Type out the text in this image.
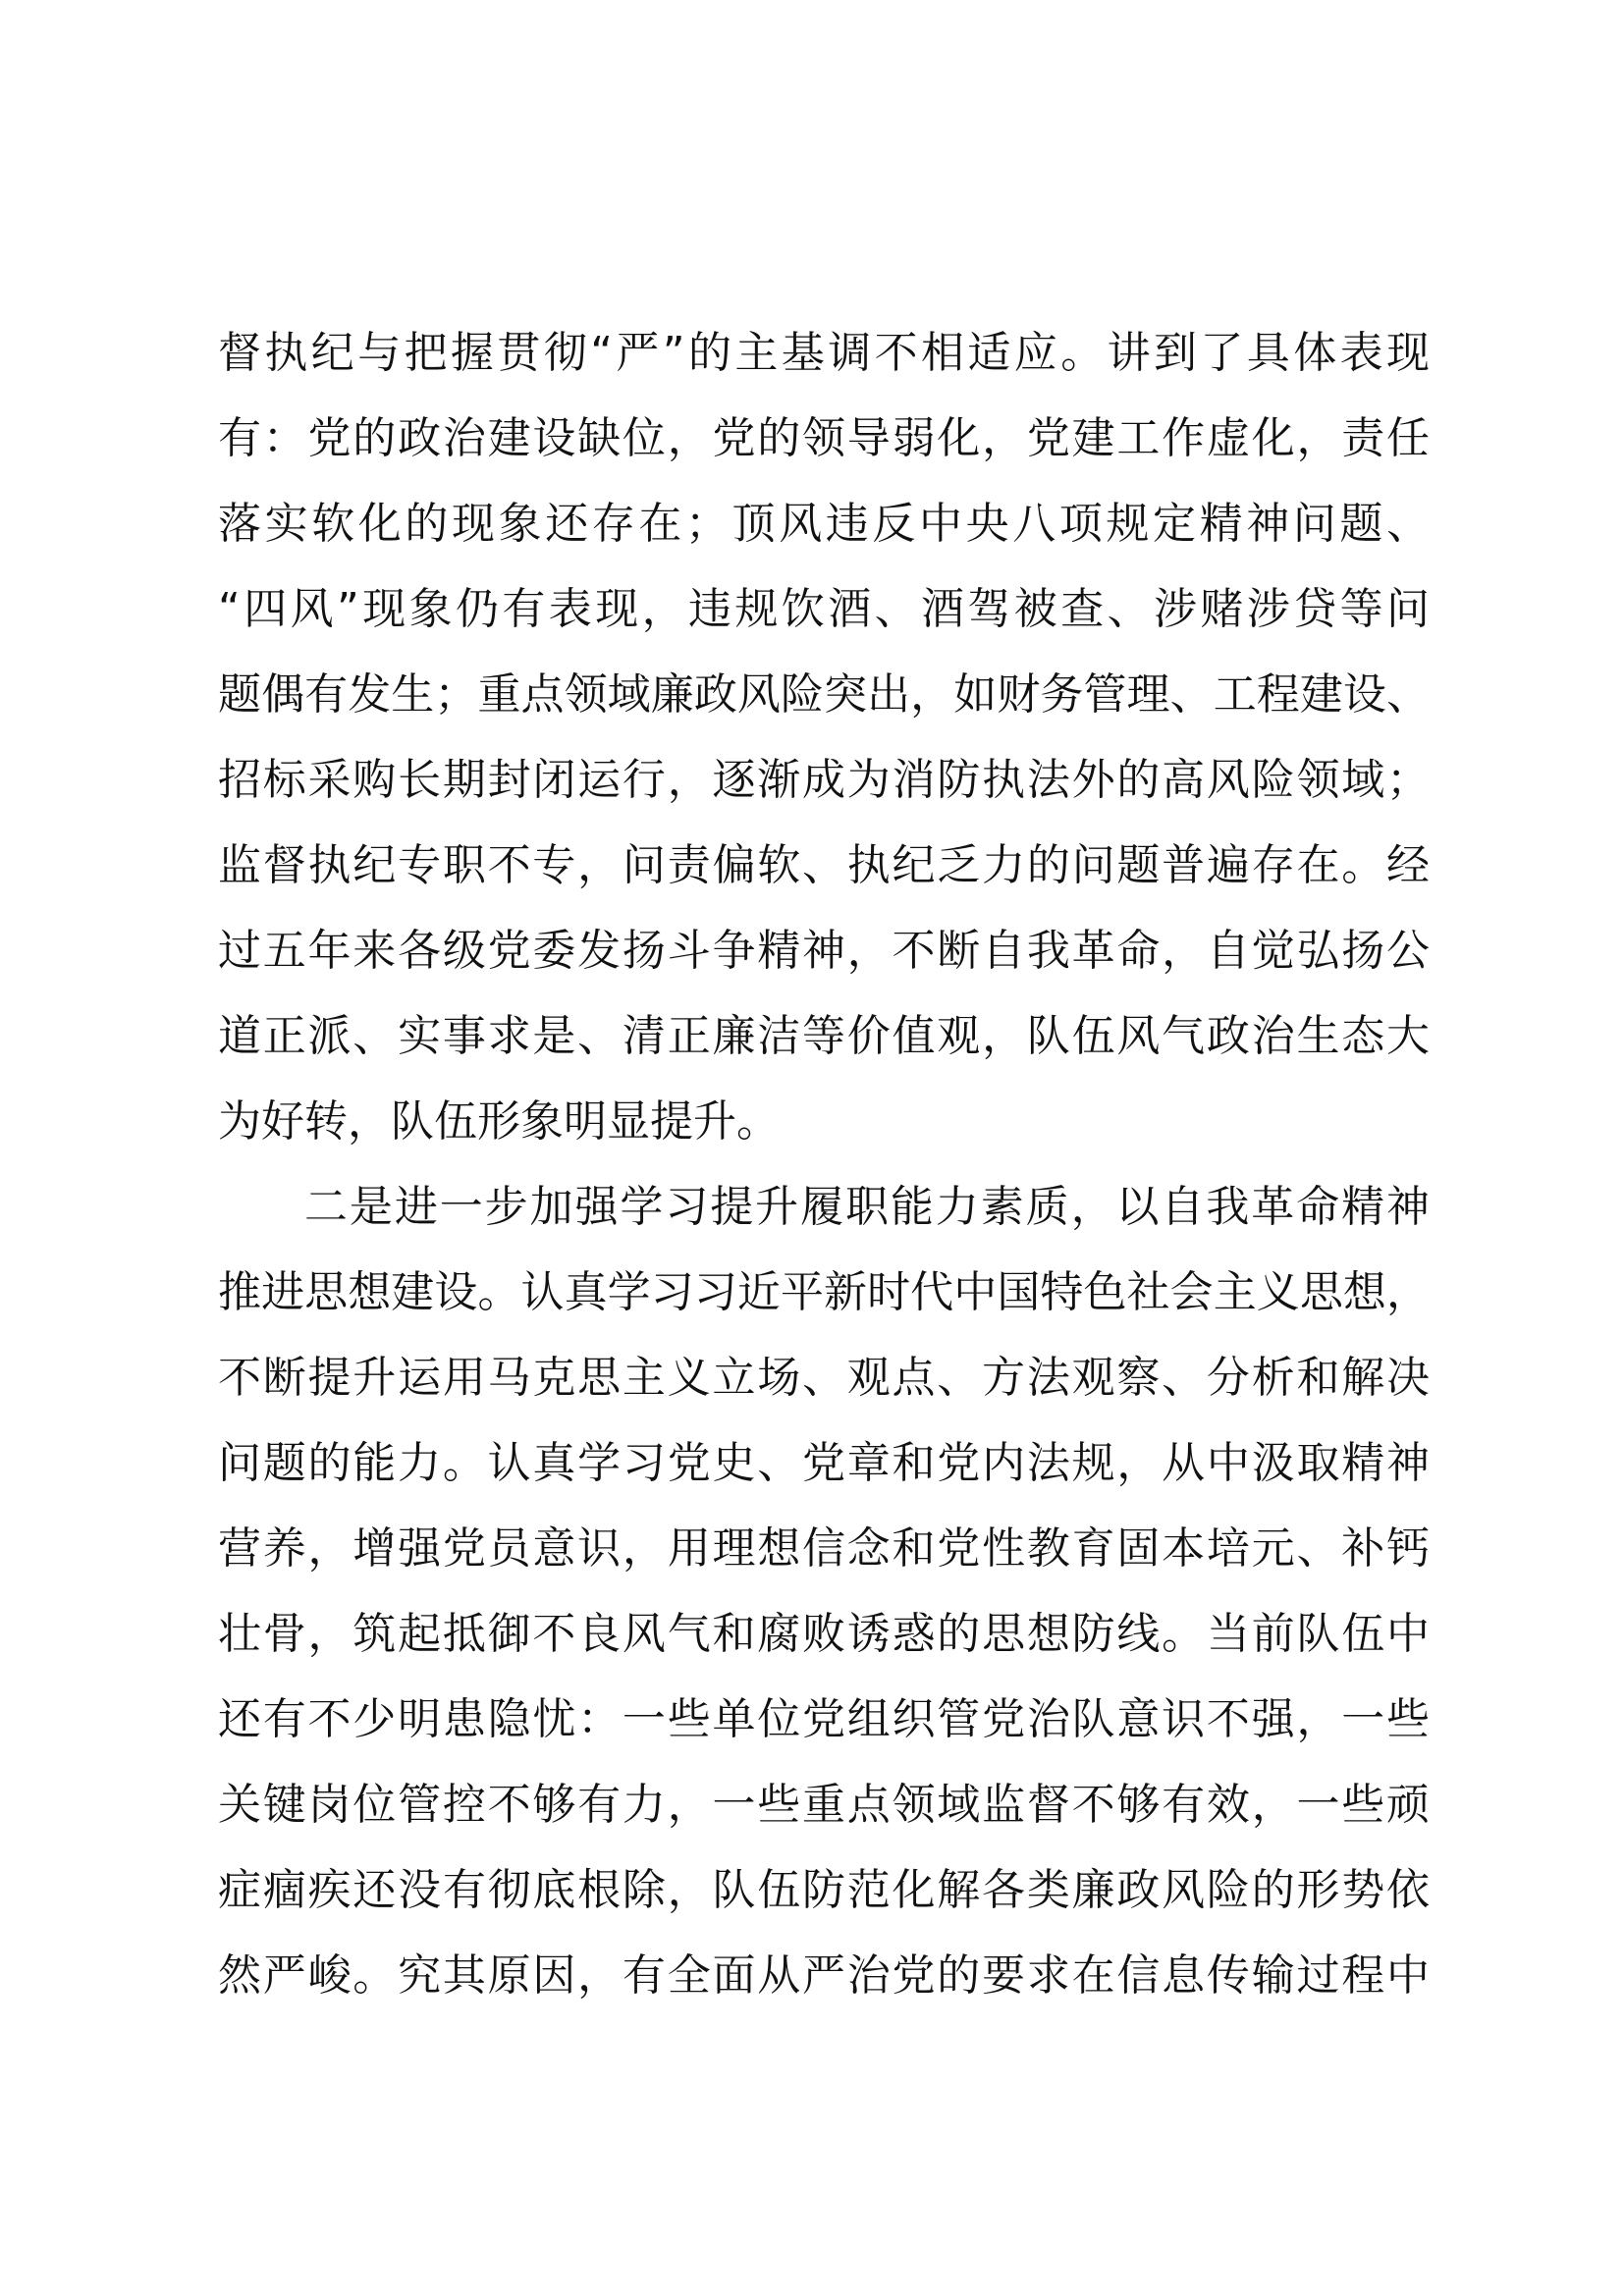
督执纪与把握贯彻“严”的主基调不相适应。讲到了具体表现
有：党的政治建设缺位，党的领导弱化，党建工作虚化，责任
落实软化的现象还存在；顶风违反中央八项规定精神问题、
“四风”现象仍有表现，违规饮酒、酒驾被查、涉赌涉贷等问
题偶有发生；重点领域廉政风险突出，如财务管理、工程建设、
招标采购长期封闭运行，逐渐成为消防执法外的高风险领域；
监督执纪专职不专，问责偏软、执纪乏力的问题普遍存在。经
过五年来各级党委发扬斗争精神，不断自我革命，自觉弘扬公
道正派、实事求是、清正廉洁等价值观，队伍风气政治生态大
为好转，队伍形象明显提升。
二是进一步加强学习提升履职能力素质，以自我革命精神
推进思想建设。认真学习习近平新时代中国特色社会主义思想，
不断提升运用马克思主义立场、观点、方法观察、分析和解决
问题的能力。认真学习党史、党章和党内法规，从中汲取精神
营养，增强党员意识，用理想信念和党性教育固本培元、补钙
壮骨，筑起抵御不良风气和腐败诱惑的思想防线。当前队伍中
还有不少明患隐忧：一些单位党组织管党治队意识不强，一些
关键岗位管控不够有力，一些重点领域监督不够有效，一些顽
症痼疾还没有彻底根除，队伍防范化解各类廉政风险的形势依
然严峻。究其原因，有全面从严治党的要求在信息传输过程中
